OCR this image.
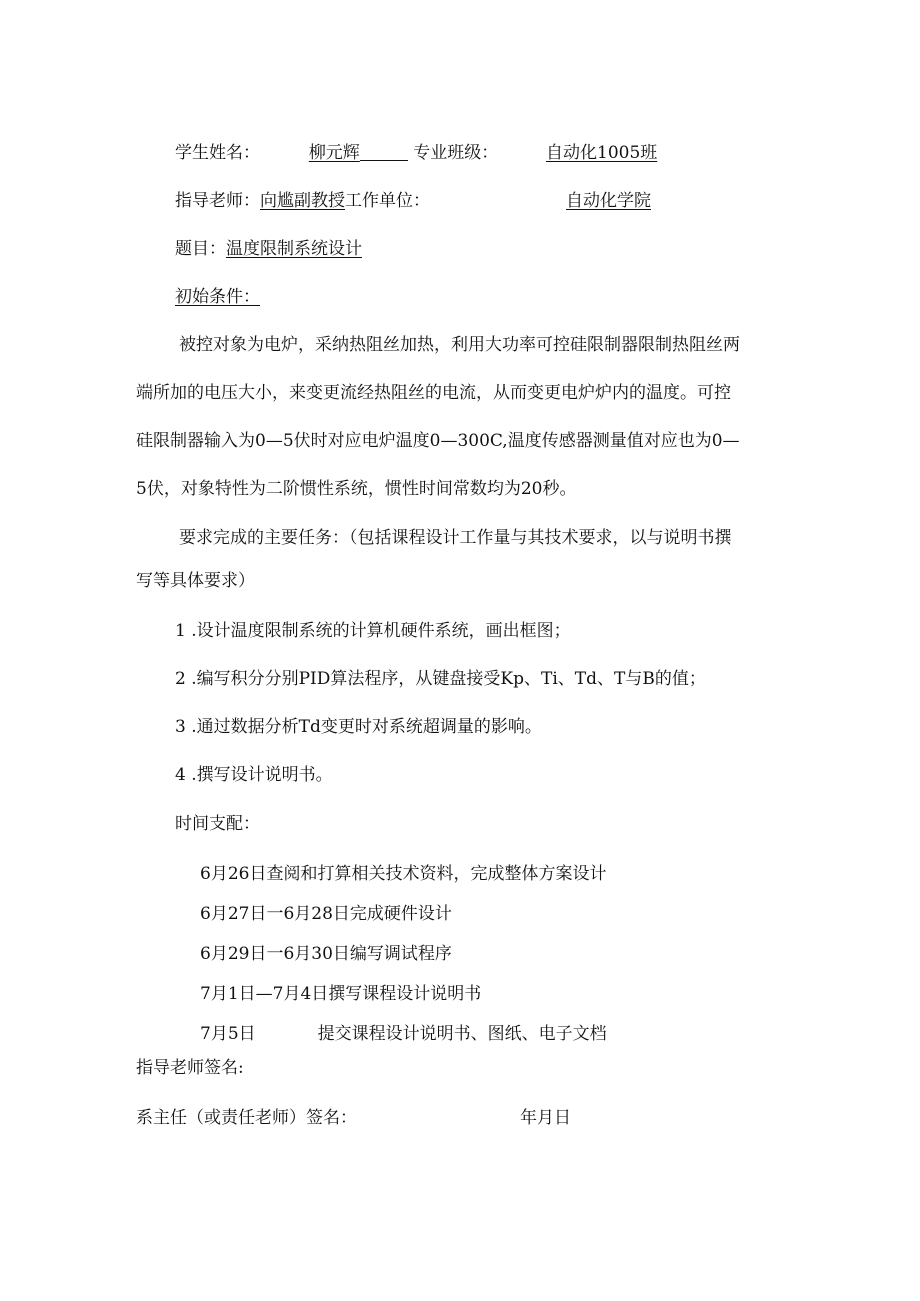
学生姓名：	柳元辉	专业班级：	自动化1005班
指导老师：向尴副教授工作单位：	自动化学院
题目：温度限制系统设计
初始条件：
被控对象为电炉，采纳热阻丝加热，利用大功率可控硅限制器限制热阻丝两
端所加的电压大小，来变更流经热阻丝的电流，从而变更电炉炉内的温度。可控
硅限制器输入为0—5伏时对应电炉温度0—300C,温度传感器测量值对应也为0—
5伏，对象特性为二阶惯性系统，惯性时间常数均为20秒。
要求完成的主要任务：（包括课程设计工作量与其技术要求，以与说明书撰
写等具体要求）
1 .设计温度限制系统的计算机硬件系统，画出框图；
2 .编写积分分别PID算法程序，从键盘接受Kp、Ti、Td、T与B的值；
3 .通过数据分析Td变更时对系统超调量的影响。
4 .撰写设计说明书。
时间支配：
6月26日查阅和打算相关技术资料，完成整体方案设计
6月27日一6月28日完成硬件设计
6月29日一6月30日编写调试程序
7月1日—7月4日撰写课程设计说明书
7月5日	提交课程设计说明书、图纸、电子文档
指导老师签名:
系主任（或责任老师）签名：	年月日
